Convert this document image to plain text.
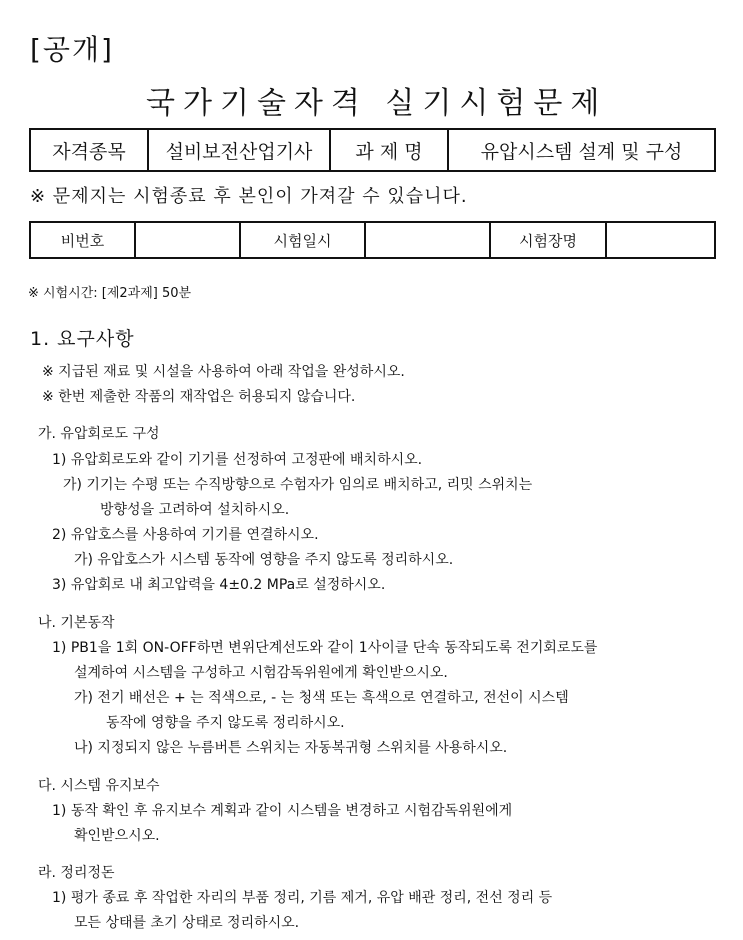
[공개]
국가기술자격 실기시험문제
자격종목	설비보전산업기사	과 제 명	유압시스템 설계 및 구성
※ 문제지는 시험종료 후 본인이 가져갈 수 있습니다.
비번호		시험일시		시험장명	
※ 시험시간: [제2과제] 50분
1. 요구사항
※ 지급된 재료 및 시설을 사용하여 아래 작업을 완성하시오.
※ 한번 제출한 작품의 재작업은 허용되지 않습니다.
가. 유압회로도 구성
1) 유압회로도와 같이 기기를 선정하여 고정판에 배치하시오.
가) 기기는 수평 또는 수직방향으로 수험자가 임의로 배치하고, 리밋 스위치는
방향성을 고려하여 설치하시오.
2) 유압호스를 사용하여 기기를 연결하시오.
가) 유압호스가 시스템 동작에 영향을 주지 않도록 정리하시오.
3) 유압회로 내 최고압력을 4±0.2 MPa로 설정하시오.
나. 기본동작
1) PB1을 1회 ON-OFF하면 변위단계선도와 같이 1사이클 단속 동작되도록 전기회로도를
설계하여 시스템을 구성하고 시험감독위원에게 확인받으시오.
가) 전기 배선은 + 는 적색으로, - 는 청색 또는 흑색으로 연결하고, 전선이 시스템
동작에 영향을 주지 않도록 정리하시오.
나) 지정되지 않은 누름버튼 스위치는 자동복귀형 스위치를 사용하시오.
다. 시스템 유지보수
1) 동작 확인 후 유지보수 계획과 같이 시스템을 변경하고 시험감독위원에게
확인받으시오.
라. 정리정돈
1) 평가 종료 후 작업한 자리의 부품 정리, 기름 제거, 유압 배관 정리, 전선 정리 등
모든 상태를 초기 상태로 정리하시오.
